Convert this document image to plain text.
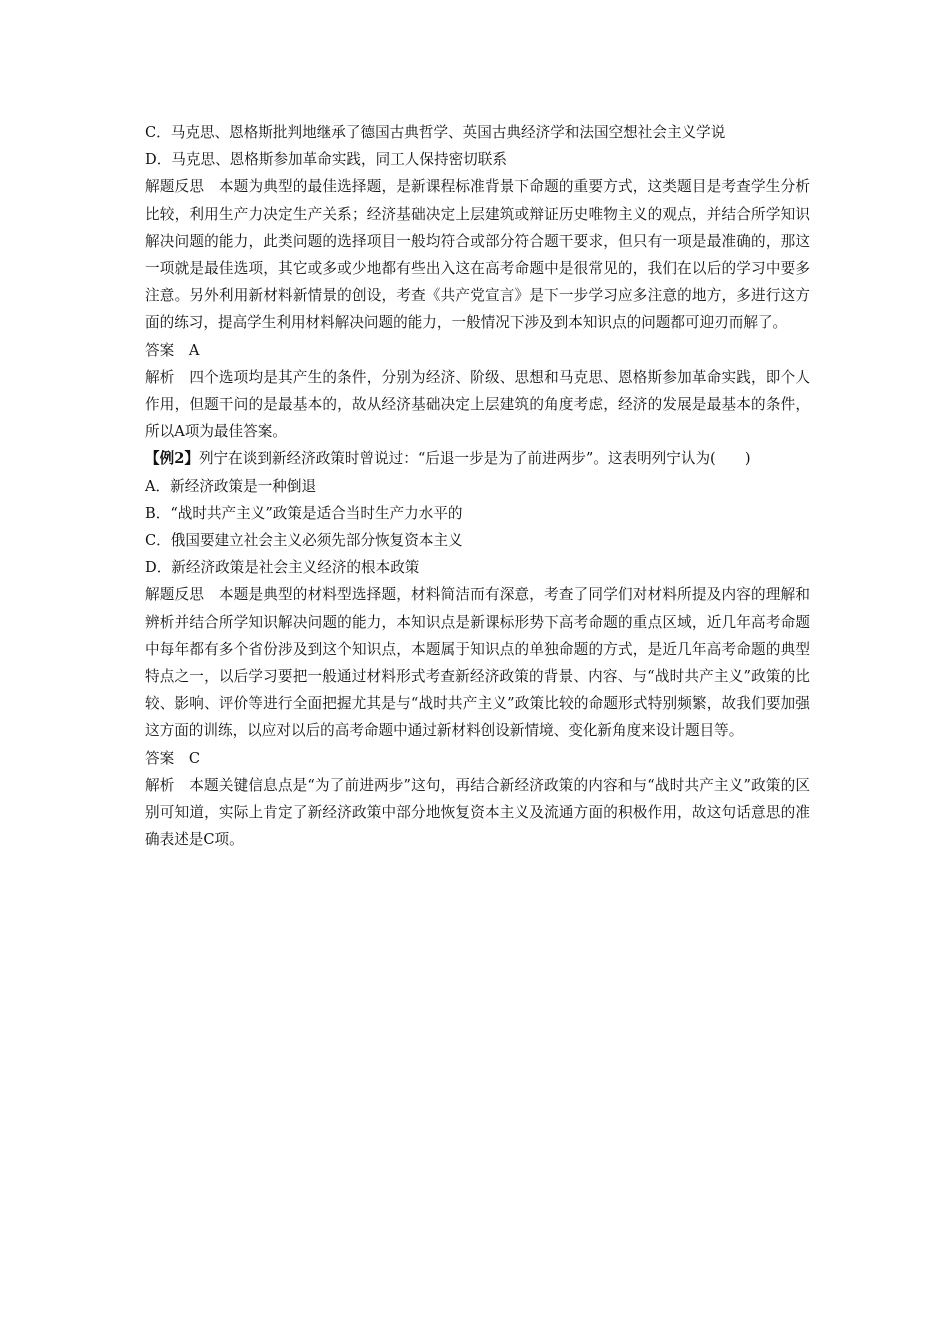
C．马克思、恩格斯批判地继承了德国古典哲学、英国古典经济学和法国空想社会主义学说

D．马克思、恩格斯参加革命实践，同工人保持密切联系

解题反思　 本题为典型的最佳选择题，是新课程标准背景下命题的重要方式，这类题目是考查学生分析比较，利用生产力决定生产关系；经济基础决定上层建筑或辩证历史唯物主义的观点，并结合所学知识解决问题的能力，此类问题的选择项目一般均符合或部分符合题干要求，但只有一项是最准确的，那这一项就是最佳选项，其它或多或少地都有些出入这在高考命题中是很常见的，我们在以后的学习中要多注意。另外利用新材料新情景的创设，考查《共产党宣言》是下一步学习应多注意的地方，多进行这方面的练习，提高学生利用材料解决问题的能力，一般情况下涉及到本知识点的问题都可迎刃而解了。

答案　 A

解析　 四个选项均是其产生的条件，分别为经济、阶级、思想和马克思、恩格斯参加革命实践，即个人作用，但题干问的是最基本的，故从经济基础决定上层建筑的角度考虑，经济的发展是最基本的条件，所以A项为最佳答案。

【例2】列宁在谈到新经济政策时曾说过：“后退一步是为了前进两步”。这表明列宁认为(　　)

A．新经济政策是一种倒退

B．“战时共产主义”政策是适合当时生产力水平的

C．俄国要建立社会主义必须先部分恢复资本主义

D．新经济政策是社会主义经济的根本政策

解题反思　 本题是典型的材料型选择题，材料简洁而有深意，考查了同学们对材料所提及内容的理解和辨析并结合所学知识解决问题的能力，本知识点是新课标形势下高考命题的重点区域，近几年高考命题中每年都有多个省份涉及到这个知识点，本题属于知识点的单独命题的方式，是近几年高考命题的典型特点之一，以后学习要把一般通过材料形式考查新经济政策的背景、内容、与“战时共产主义”政策的比较、影响、评价等进行全面把握尤其是与“战时共产主义”政策比较的命题形式特别频繁，故我们要加强这方面的训练，以应对以后的高考命题中通过新材料创设新情境、变化新角度来设计题目等。

答案　 C

解析　 本题关键信息点是“为了前进两步”这句，再结合新经济政策的内容和与“战时共产主义”政策的区别可知道，实际上肯定了新经济政策中部分地恢复资本主义及流通方面的积极作用，故这句话意思的准确表述是C项。
